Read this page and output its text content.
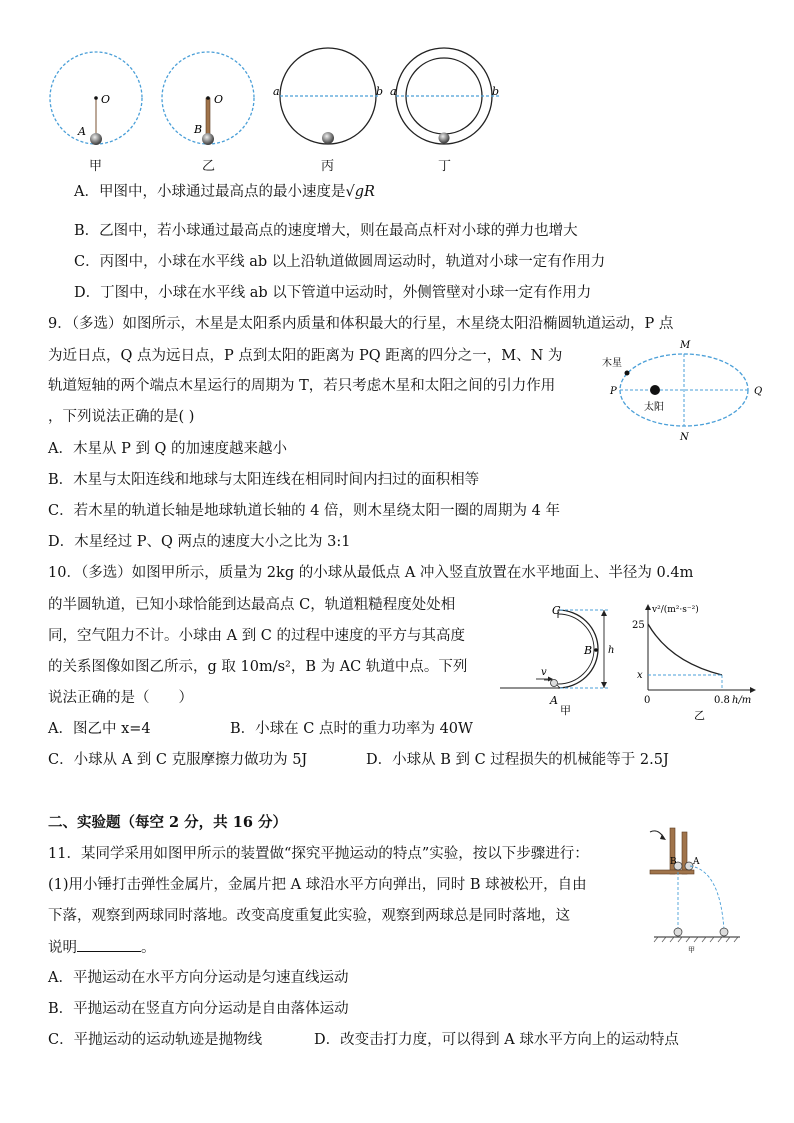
O
A
O
B
a	b a	b
甲	乙	丙	丁
A．甲图中，小球通过最高点的最小速度是√gR
B．乙图中，若小球通过最高点的速度增大，则在最高点杆对小球的弹力也增大
C．丙图中，小球在水平线 ab 以上沿轨道做圆周运动时，轨道对小球一定有作用力
D．丁图中，小球在水平线 ab 以下管道中运动时，外侧管壁对小球一定有作用力
9．（多选）如图所示，木星是太阳系内质量和体积最大的行星，木星绕太阳沿椭圆轨道运动，P 点
为近日点，Q 点为远日点，P 点到太阳的距离为 PQ 距离的四分之一，M、N 为
轨道短轴的两个端点木星运行的周期为 T，若只考虑木星和太阳之间的引力作用
，下列说法正确的是( )
M
N
P	Q
木星
太阳
A．木星从 P 到 Q 的加速度越来越小
B．木星与太阳连线和地球与太阳连线在相同时间内扫过的面积相等
C．若木星的轨道长轴是地球轨道长轴的 4 倍，则木星绕太阳一圈的周期为 4 年
D．木星经过 P、Q 两点的速度大小之比为 3:1
10．（多选）如图甲所示，质量为 2kg 的小球从最低点 A 冲入竖直放置在水平地面上、半径为 0.4m
的半圆轨道，已知小球恰能到达最高点 C，轨道粗糙程度处处相
同，空气阻力不计。小球由 A 到 C 的过程中速度的平方与其高度
的关系图像如图乙所示，g 取 10m/s²，B 为 AC 轨道中点。下列
说法正确的是（　　）
C
B
A
v
h
甲
25
x
v²/(m²·s⁻²)
0	0.8 h/m
乙
A．图乙中 x=4	B．小球在 C 点时的重力功率为 40W
C．小球从 A 到 C 克服摩擦力做功为 5J	D．小球从 B 到 C 过程损失的机械能等于 2.5J
二、实验题（每空 2 分，共 16 分）
11．某同学采用如图甲所示的装置做“探究平抛运动的特点”实验，按以下步骤进行：
(1)用小锤打击弹性金属片，金属片把 A 球沿水平方向弹出，同时 B 球被松开，自由
下落，观察到两球同时落地。改变高度重复此实验，观察到两球总是同时落地，这
说明	。
B A
甲
A．平抛运动在水平方向分运动是匀速直线运动
B．平抛运动在竖直方向分运动是自由落体运动
C．平抛运动的运动轨迹是抛物线	D．改变击打力度，可以得到 A 球水平方向上的运动特点
